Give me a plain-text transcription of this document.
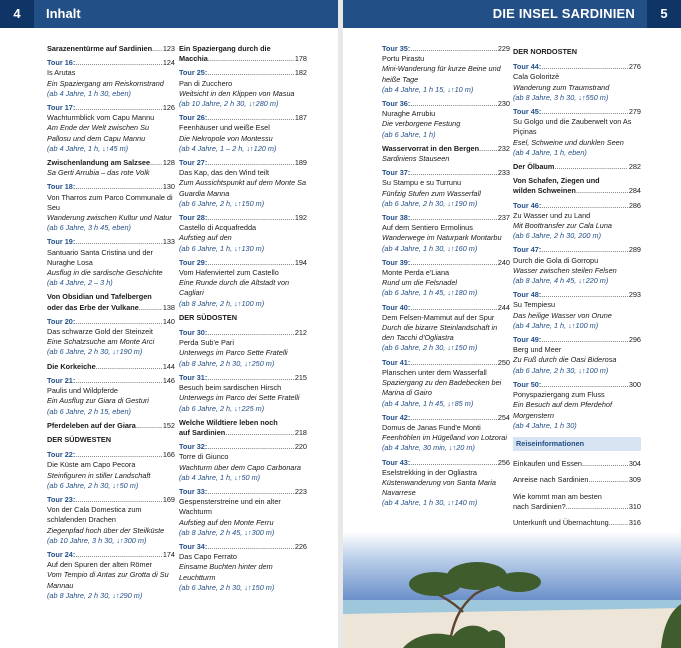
4	Inhalt	DIE INSEL SARDINIEN	5
Sarazenentürme auf Sardinien ..... 123
Tour 16: .....	124
Is Arutas
Ein Spaziergang am Reiskornstrand
(ab 4 Jahre, 1 h 30, eben)
Tour 17: .....	126
Wachturmblick vom Capu Mannu
Am Ende der Welt zwischen Su Pallosu und dem Capu Mannu
(ab 4 Jahre, 1 h, ↓↑45 m)
Zwischenlandung am Salzsee ..... 128
Sa Gerti Arrubia – das rote Volk
Tour 18: .....	130
Von Tharros zum Parco Communale di Seu
Wanderung zwischen Kultur und Natur
(ab 6 Jahre, 3 h 45, eben)
Tour 19: .....	133
Santuario Santa Cristina und der Nuraghe Losa
Ausflug in die sardische Geschichte
(ab 4 Jahre, 2 – 3 h)
Von Obsidian und Tafelbergen
oder das Erbe der Vulkane .....	138
Tour 20: .....	140
Das schwarze Gold der Steinzeit
Eine Schatzsuche am Monte Arci
(ab 6 Jahre, 2 h 30, ↓↑190 m)
Die Korkeiche .....	144
Tour 21: .....	146
Paulis und Wildpferde
Ein Ausflug zur Giara di Gesturi
(ab 6 Jahre, 2 h 15, eben)
Pferdeleben auf der Giara .....	152
DER SÜDWESTEN
Tour 22: .....	166
Die Küste am Capo Pecora
Steinfiguren in stiller Landschaft
(ab 6 Jahre, 2 h 30, ↓↑50 m)
Tour 23: .....	169
Von der Cala Domestica zum schlafenden Drachen
Ziegenpfad hoch über der Steilküste
(ab 10 Jahre, 3 h 30, ↓↑300 m)
Tour 24: .....	174
Auf den Spuren der alten Römer
Vom Tempio di Antas zur Grotta di Su Mannau
(ab 8 Jahre, 2 h 30, ↓↑290 m)
Ein Spaziergang durch die
Macchia .....	178
Tour 25: .....	182
Pan di Zucchero
Weitsicht in den Klippen von Masua
(ab 10 Jahre, 2 h 30, ↓↑280 m)
Tour 26: .....	187
Feenhäuser und weiße Esel
Die Nekropole von Montessu
(ab 4 Jahre, 1 – 2 h, ↓↑120 m)
Tour 27: .....	189
Das Kap, das den Wind teilt
Zum Aussichtspunkt auf dem Monte Sa Guardia Manna
(ab 6 Jahre, 2 h, ↓↑150 m)
Tour 28: .....	192
Castello di Acquafredda
Aufstieg auf den
(ab 6 Jahre, 1 h, ↓↑130 m)
Tour 29: .....	194
Vom Hafenviertel zum Castello
Eine Runde durch die Altstadt von Cagliari
(ab 8 Jahre, 2 h, ↓↑100 m)
DER SÜDOSTEN
Tour 30: .....	212
Perda Sub'e Pari
Unterwegs im Parco Sette Fratelli
(ab 8 Jahre, 2 h 30, ↓↑250 m)
Tour 31: .....	215
Besuch beim sardischen Hirsch
Unterwegs im Parco dei Sette Fratelli
(ab 6 Jahre, 2 h, ↓↑225 m)
Welche Wildtiere leben noch
auf Sardinien .....	218
Tour 32: .....	220
Torre di Giunco
Wachturm über dem Capo Carbonara
(ab 4 Jahre, 1 h, ↓↑50 m)
Tour 33: .....	223
Gespensterstreine und ein alter Wachturm
Aufstieg auf den Monte Ferru
(ab 8 Jahre, 2 h 45, ↓↑300 m)
Tour 34: .....	226
Das Capo Ferrato
Einsame Buchten hinter dem Leuchtturm
(ab 6 Jahre, 2 h 30, ↓↑150 m)
Tour 35: .....	229
Portu Pirastu
Mini-Wanderung für kurze Beine und heiße Tage
(ab 4 Jahre, 1 h 15, ↓↑10 m)
Tour 36: .....	230
Nuraghe Arrubiu
Die verborgene Festung
(ab 6 Jahre, 1 h)
Wasservorrat in den Bergen .....	232
Sardiniens Stauseen
Tour 37: .....	233
Su Stampu e su Turrunu
Fünfzig Stufen zum Wasserfall
(ab 6 Jahre, 2 h 30, ↓↑190 m)
Tour 38: .....	237
Auf dem Sentiero Ermolinus
Wanderwege im Naturpark Montarbu
(ab 4 Jahre, 1 h 30, ↓↑160 m)
Tour 39: .....	240
Monte Perda e'Liana
Rund um die Felsnadel
(ab 6 Jahre, 1 h 45, ↓↑180 m)
Tour 40: .....	244
Dem Felsen-Mammut auf der Spur
Durch die bizarre Steinlandschaft in den Tacchi d'Ogliastra
(ab 6 Jahre, 2 h 30, ↓↑150 m)
Tour 41: .....	250
Planschen unter dem Wasserfall
Spaziergang zu den Badebecken bei Marina di Gairo
(ab 4 Jahre, 1 h 45, ↓↑85 m)
Tour 42: .....	254
Domus de Janas Fund'e Monti
Feenhöhlen im Hügelland von Lotzorai
(ab 4 Jahre, 30 min, ↓↑20 m)
Tour 43: .....	256
Eselstrekking in der Ogliastra
Küstenwanderung von Santa Maria Navarrese
(ab 4 Jahre, 1 h 30, ↓↑140 m)
DER NORDOSTEN
Tour 44: .....	276
Cala Goloritzè
Wanderung zum Traumstrand
(ab 8 Jahre, 3 h 30, ↓↑550 m)
Tour 45: .....	279
Su Golgo und die Zauberwelt von As Piçinas
Esel, Schweine und dunklen Seen
(ab 4 Jahre, 1 h, eben)
Der Ölbaum .....	282
Von Schafen, Ziegen und
wilden Schweinen .....	284
Tour 46: .....	286
Zu Wasser und zu Land
Mit Boottransfer zur Cala Luna
(ab 6 Jahre, 2 h 30, 200 m)
Tour 47: .....	289
Durch die Gola di Gorropu
Wasser zwischen steilen Felsen
(ab 8 Jahre, 4 h 45, ↓↑220 m)
Tour 48: .....	293
Su Tempiesu
Das heilige Wasser von Orune
(ab 4 Jahre, 1 h, ↓↑100 m)
Tour 49: .....	296
Berg und Meer
Zu Fuß durch die Oasi Biderosa
(ab 6 Jahre, 2 h 30, ↓↑100 m)
Tour 50: .....	300
Ponyspaziergang zum Fluss
Ein Besuch auf dem Pferdehof Morgenstern
(ab 4 Jahre, 1 h 30)
Reiseinformationen
Einkaufen und Essen .....	304
Anreise nach Sardinien .....	309
Wie kommt man am besten
nach Sardinien? .....	310
Unterkunft und Übernachtung .....	316
.....
.....
